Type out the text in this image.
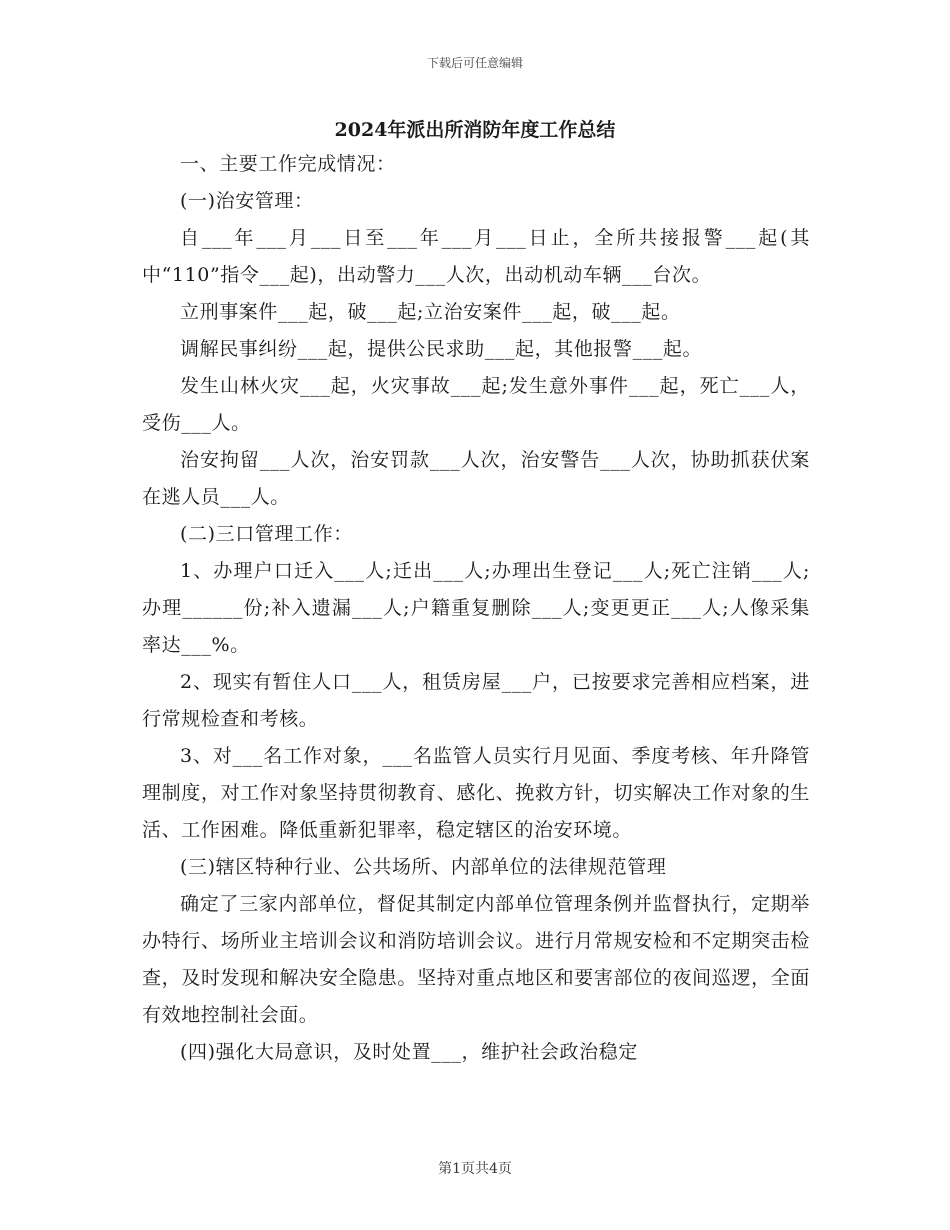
下载后可任意编辑
2024年派出所消防年度工作总结

一、主要工作完成情况：

(一)治安管理：

自___年___月___日至___年___月___日止，全所共接报警___起(其中“110”指令___起)，出动警力___人次，出动机动车辆___台次。

立刑事案件___起，破___起;立治安案件___起，破___起。

调解民事纠纷___起，提供公民求助___起，其他报警___起。

发生山林火灾___起，火灾事故___起;发生意外事件___起，死亡___人，受伤___人。

治安拘留___人次，治安罚款___人次，治安警告___人次，协助抓获伏案在逃人员___人。

(二)三口管理工作：

1、办理户口迁入___人;迁出___人;办理出生登记___人;死亡注销___人;办理______份;补入遗漏___人;户籍重复删除___人;变更更正___人;人像采集率达___%。

2、现实有暂住人口___人，租赁房屋___户，已按要求完善相应档案，进行常规检查和考核。

3、对___名工作对象，___名监管人员实行月见面、季度考核、年升降管理制度，对工作对象坚持贯彻教育、感化、挽救方针，切实解决工作对象的生活、工作困难。降低重新犯罪率，稳定辖区的治安环境。

(三)辖区特种行业、公共场所、内部单位的法律规范管理

确定了三家内部单位，督促其制定内部单位管理条例并监督执行，定期举办特行、场所业主培训会议和消防培训会议。进行月常规安检和不定期突击检查，及时发现和解决安全隐患。坚持对重点地区和要害部位的夜间巡逻，全面有效地控制社会面。

(四)强化大局意识，及时处置___，维护社会政治稳定

第1页共4页
